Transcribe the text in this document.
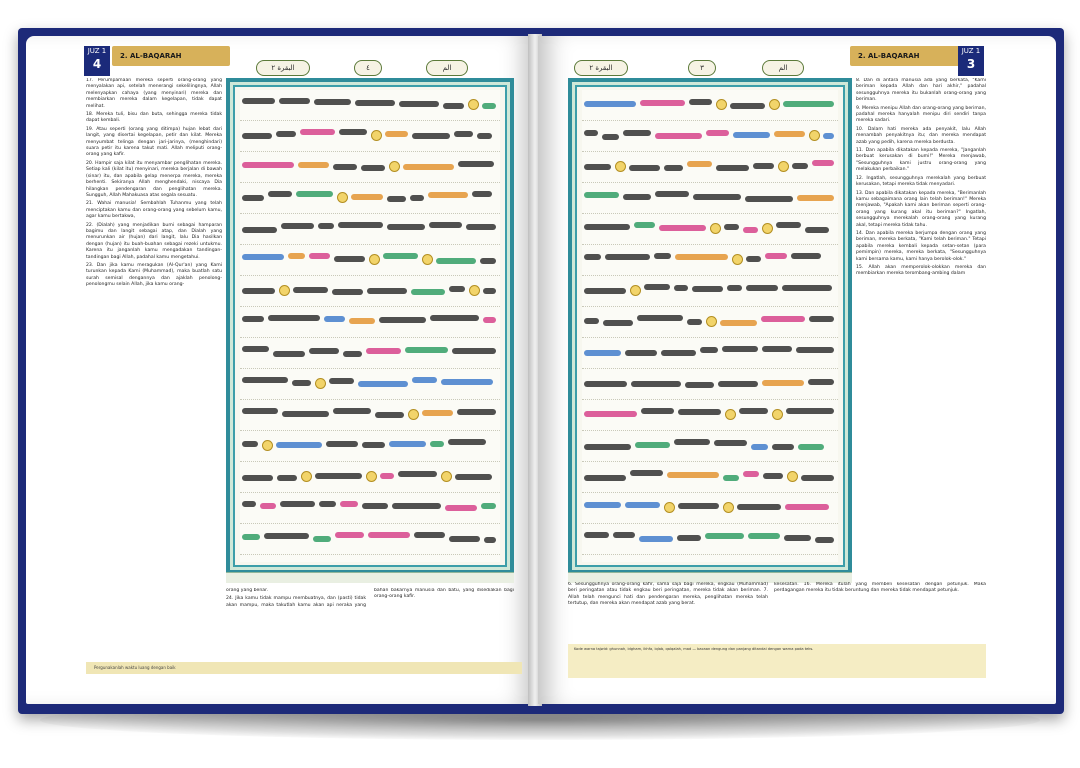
JUZ 1
4
2. AL-BAQARAH
البقرة ٢	٤	الم

17. Perumpamaan mereka seperti orang-orang yang menyalakan api, setelah menerangi sekelilingnya, Allah melenyapkan cahaya (yang menyinari) mereka dan membiarkan mereka dalam kegelapan, tidak dapat melihat.

18. Mereka tuli, bisu dan buta, sehingga mereka tidak dapat kembali.

19. Atau seperti (orang yang ditimpa) hujan lebat dari langit, yang disertai kegelapan, petir dan kilat. Mereka menyumbat telinga dengan jari-jarinya, (menghindari) suara petir itu karena takut mati. Allah meliputi orang-orang yang kafir.

20. Hampir saja kilat itu menyambar penglihatan mereka. Setiap kali (kilat itu) menyinari, mereka berjalan di bawah (sinar) itu, dan apabila gelap menerpa mereka, mereka berhenti. Sekiranya Allah menghendaki, niscaya Dia hilangkan pendengaran dan penglihatan mereka. Sungguh, Allah Mahakuasa atas segala sesuatu.

21. Wahai manusia! Sembahlah Tuhanmu yang telah menciptakan kamu dan orang-orang yang sebelum kamu, agar kamu bertakwa,

22. (Dialah) yang menjadikan bumi sebagai hamparan bagimu dan langit sebagai atap, dan Dialah yang menurunkan air (hujan) dari langit, lalu Dia hasilkan dengan (hujan) itu buah-buahan sebagai rezeki untukmu. Karena itu janganlah kamu mengadakan tandingan-tandingan bagi Allah, padahal kamu mengetahui.

23. Dan jika kamu meragukan (Al-Qur'an) yang Kami turunkan kepada Kami (Muhammad), maka buatlah satu surah semisal dengannya dan ajaklah penolong-penolongmu selain Allah, jika kamu orang-

orang yang benar.

24. Jika kamu tidak mampu membuatnya, dan (pasti) tidak akan mampu, maka takutlah kamu akan api neraka yang bahan bakarnya manusia dan batu, yang disediakan bagi orang-orang kafir.

Pergunakanlah waktu luang dengan baik
البقرة ٢	٣	الم
2. AL-BAQARAH
JUZ 1
3

8. Dan di antara manusia ada yang berkata, "Kami beriman kepada Allah dan hari akhir," padahal sesungguhnya mereka itu bukanlah orang-orang yang beriman.

9. Mereka menipu Allah dan orang-orang yang beriman, padahal mereka hanyalah menipu diri sendiri tanpa mereka sadari.

10. Dalam hati mereka ada penyakit, lalu Allah menambah penyakitnya itu; dan mereka mendapat azab yang pedih, karena mereka berdusta.

11. Dan apabila dikatakan kepada mereka, "Janganlah berbuat kerusakan di bumi!" Mereka menjawab, "Sesungguhnya kami justru orang-orang yang melakukan perbaikan."

12. Ingatlah, sesungguhnya merekalah yang berbuat kerusakan, tetapi mereka tidak menyadari.

13. Dan apabila dikatakan kepada mereka, "Berimanlah kamu sebagaimana orang lain telah beriman!" Mereka menjawab, "Apakah kami akan beriman seperti orang-orang yang kurang akal itu beriman?" Ingatlah, sesungguhnya merekalah orang-orang yang kurang akal, tetapi mereka tidak tahu.

14. Dan apabila mereka berjumpa dengan orang yang beriman, mereka berkata, "Kami telah beriman." Tetapi apabila mereka kembali kepada setan-setan (para pemimpin) mereka, mereka berkata, "Sesungguhnya kami bersama kamu, kami hanya berolok-olok."

15. Allah akan memperolok-olokkan mereka dan membiarkan mereka terombang-ambing dalam

6. Sesungguhnya orang-orang kafir, sama saja bagi mereka, engkau (Muhammad) beri peringatan atau tidak engkau beri peringatan, mereka tidak akan beriman. 7. Allah telah mengunci hati dan pendengaran mereka, penglihatan mereka telah tertutup, dan mereka akan mendapat azab yang berat.

kesesatan. 16. Mereka itulah yang membeli kesesatan dengan petunjuk. Maka perdagangan mereka itu tidak beruntung dan mereka tidak mendapat petunjuk.

Kode warna tajwid: ghunnah, idgham, ikhfa, iqlab, qalqalah, mad — bacaan dengung dan panjang ditandai dengan warna pada teks.
